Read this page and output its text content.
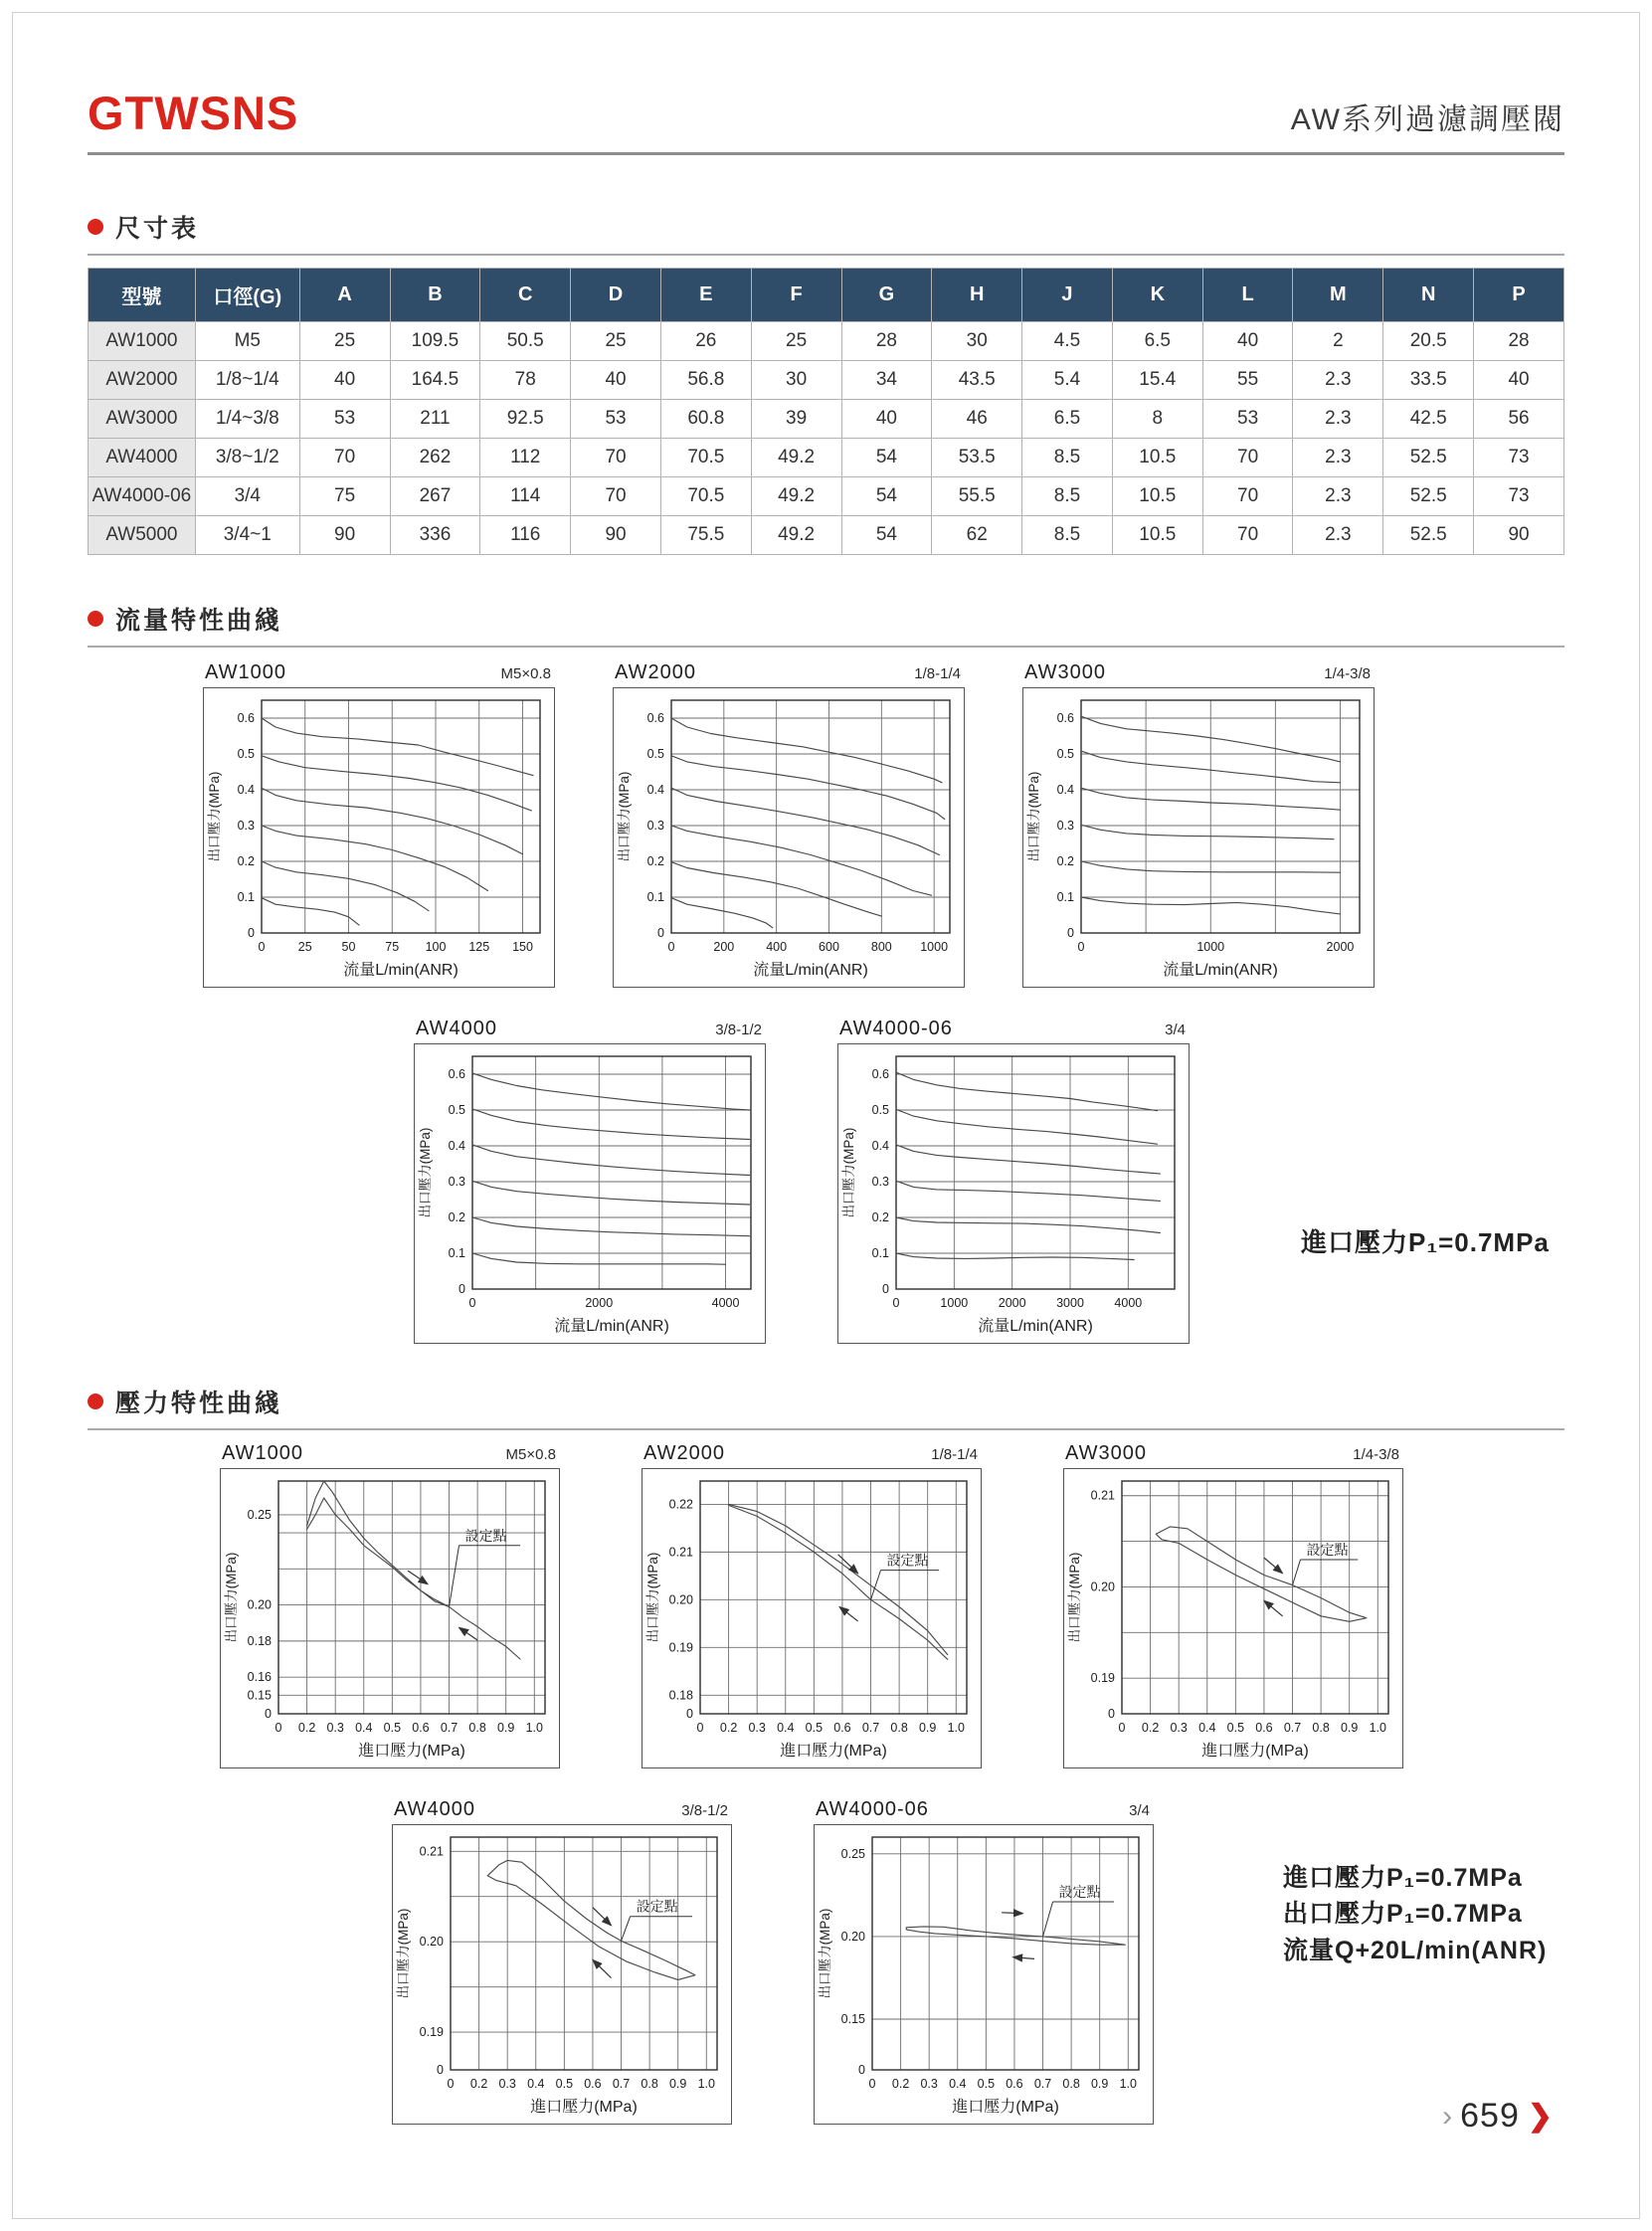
GTWSNS	AW系列過濾調壓閥
尺寸表
型號	口徑(G)	A	B	C	D	E	F	G	H	J	K	L	M	N	P
AW1000	M5	25	109.5	50.5	25	26	25	28	30	4.5	6.5	40	2	20.5	28
AW2000	1/8~1/4	40	164.5	78	40	56.8	30	34	43.5	5.4	15.4	55	2.3	33.5	40
AW3000	1/4~3/8	53	211	92.5	53	60.8	39	40	46	6.5	8	53	2.3	42.5	56
AW4000	3/8~1/2	70	262	112	70	70.5	49.2	54	53.5	8.5	10.5	70	2.3	52.5	73
AW4000-06	3/4	75	267	114	70	70.5	49.2	54	55.5	8.5	10.5	70	2.3	52.5	73
AW5000	3/4~1	90	336	116	90	75.5	49.2	54	62	8.5	10.5	70	2.3	52.5	90
流量特性曲綫
AW1000	M5×0.8
0.6
0.5
0.4
0.3
0.2
0.1
0
0	25 50 75 100 125 150
出口壓力(MPa)
流量L/min(ANR)
AW2000	1/8-1/4
0.6
0.5
0.4
0.3
0.2
0.1
0
0	200	400	600	800 1000
出口壓力(MPa)
流量L/min(ANR)
AW3000	1/4-3/8
0.6
0.5
0.4
0.3
0.2
0.1
0
0	1000	2000
出口壓力(MPa)
流量L/min(ANR)
AW4000	3/8-1/2
0.6
0.5
0.4
0.3
0.2
0.1
0
0	2000	4000
出口壓力(MPa)
流量L/min(ANR)
AW4000-06	3/4
0.6
0.5
0.4
0.3
0.2
0.1
0
0	1000 2000 3000 4000
出口壓力(MPa)
流量L/min(ANR)
進口壓力P₁=0.7MPa
壓力特性曲綫
AW1000	M5×0.8
0.25
0.20
0.18
0.16
0.15
0
0 0.2 0.3 0.4 0.5 0.6 0.7 0.8 0.9 1.0
出口壓力(MPa)
進口壓力(MPa)
設定點
AW2000	1/8-1/4
0.22
0.21
0.20
0.19
0.18
0
0 0.2 0.3 0.4 0.5 0.6 0.7 0.8 0.9 1.0
出口壓力(MPa)
進口壓力(MPa)
設定點
AW3000	1/4-3/8
0.21
0.20
0.19
0
0 0.2 0.3 0.4 0.5 0.6 0.7 0.8 0.9 1.0
出口壓力(MPa)
進口壓力(MPa)
設定點
AW4000	3/8-1/2
0.21
0.20
0.19
0
0 0.2 0.3 0.4 0.5 0.6 0.7 0.8 0.9 1.0
出口壓力(MPa)
進口壓力(MPa)
設定點
AW4000-06	3/4
0.25
0.20
0.15
0
0 0.2 0.3 0.4 0.5 0.6 0.7 0.8 0.9 1.0
出口壓力(MPa)
進口壓力(MPa)
設定點
進口壓力P₁=0.7MPa
出口壓力P₁=0.7MPa
流量Q+20L/min(ANR)
› 659 ❯
